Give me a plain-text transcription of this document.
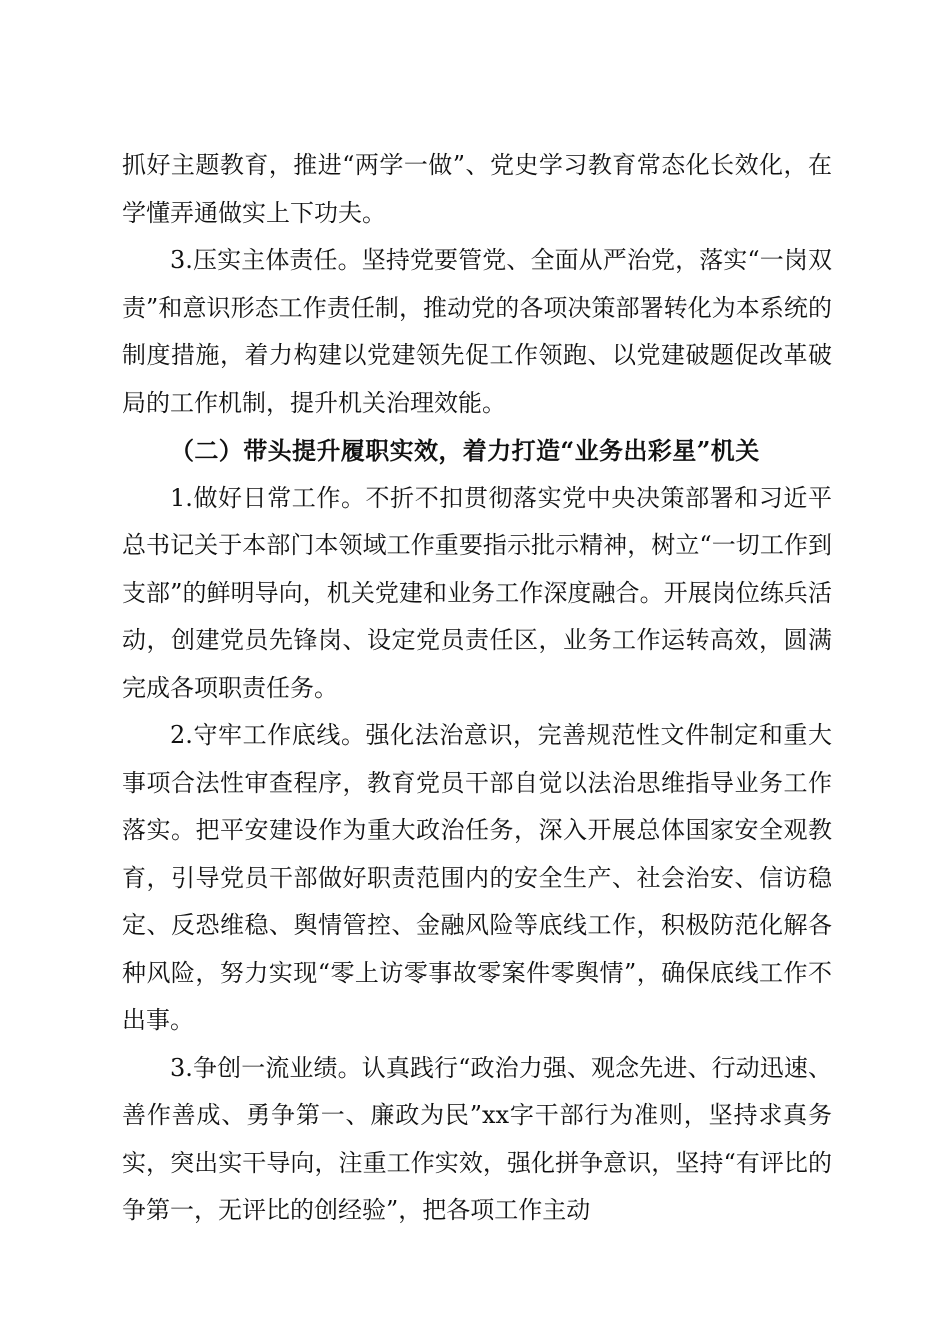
抓好主题教育，推进“两学一做”、党史学习教育常态化长效化，在学懂弄通做实上下功夫。

3.压实主体责任。坚持党要管党、全面从严治党，落实“一岗双责”和意识形态工作责任制，推动党的各项决策部署转化为本系统的制度措施，着力构建以党建领先促工作领跑、以党建破题促改革破局的工作机制，提升机关治理效能。

（二）带头提升履职实效，着力打造“业务出彩星”机关

1.做好日常工作。不折不扣贯彻落实党中央决策部署和习近平总书记关于本部门本领域工作重要指示批示精神，树立“一切工作到支部”的鲜明导向，机关党建和业务工作深度融合。开展岗位练兵活动，创建党员先锋岗、设定党员责任区，业务工作运转高效，圆满完成各项职责任务。

2.守牢工作底线。强化法治意识，完善规范性文件制定和重大事项合法性审查程序，教育党员干部自觉以法治思维指导业务工作落实。把平安建设作为重大政治任务，深入开展总体国家安全观教育，引导党员干部做好职责范围内的安全生产、社会治安、信访稳定、反恐维稳、舆情管控、金融风险等底线工作，积极防范化解各种风险，努力实现“零上访零事故零案件零舆情”，确保底线工作不出事。

3.争创一流业绩。认真践行“政治力强、观念先进、行动迅速、善作善成、勇争第一、廉政为民”xx字干部行为准则，坚持求真务实，突出实干导向，注重工作实效，强化拼争意识，坚持“有评比的争第一，无评比的创经验”，把各项工作主动
